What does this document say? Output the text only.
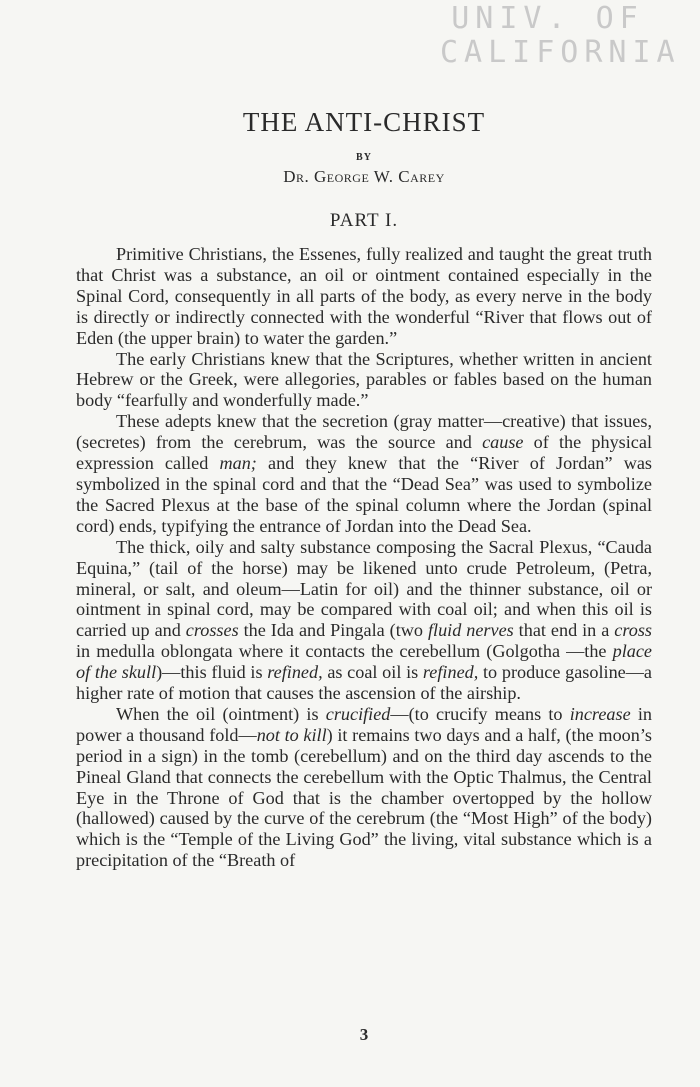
UNIV. OF
CALIFORNIA
THE ANTI-CHRIST
BY
Dr. George W. Carey
PART I.

Primitive Christians, the Essenes, fully realized and taught the great truth that Christ was a substance, an oil or ointment contained especially in the Spinal Cord, consequently in all parts of the body, as every nerve in the body is directly or indirectly connected with the wonderful “River that flows out of Eden (the upper brain) to water the garden.”

The early Christians knew that the Scriptures, whether written in ancient Hebrew or the Greek, were allegories, parables or fables based on the human body “fearfully and wonderfully made.”

These adepts knew that the secretion (gray matter—creative) that issues, (secretes) from the cerebrum, was the source and cause of the physical expression called man; and they knew that the “River of Jordan” was symbolized in the spinal cord and that the “Dead Sea” was used to symbolize the Sacred Plexus at the base of the spinal column where the Jordan (spinal cord) ends, typifying the entrance of Jordan into the Dead Sea.

The thick, oily and salty substance composing the Sacral Plexus, “Cauda Equina,” (tail of the horse) may be likened unto crude Petroleum, (Petra, mineral, or salt, and oleum—Latin for oil) and the thinner substance, oil or ointment in spinal cord, may be compared with coal oil; and when this oil is carried up and crosses the Ida and Pingala (two fluid nerves that end in a cross in medulla oblongata where it contacts the cerebellum (Golgotha —the place of the skull)—this fluid is refined, as coal oil is refined, to produce gasoline—a higher rate of motion that causes the ascension of the airship.

When the oil (ointment) is crucified—(to crucify means to increase in power a thousand fold—not to kill) it remains two days and a half, (the moon’s period in a sign) in the tomb (cerebellum) and on the third day ascends to the Pineal Gland that connects the cerebellum with the Optic Thalmus, the Central Eye in the Throne of God that is the chamber overtopped by the hollow (hallowed) caused by the curve of the cerebrum (the “Most High” of the body) which is the “Temple of the Living God” the living, vital substance which is a precipitation of the “Breath of

3
